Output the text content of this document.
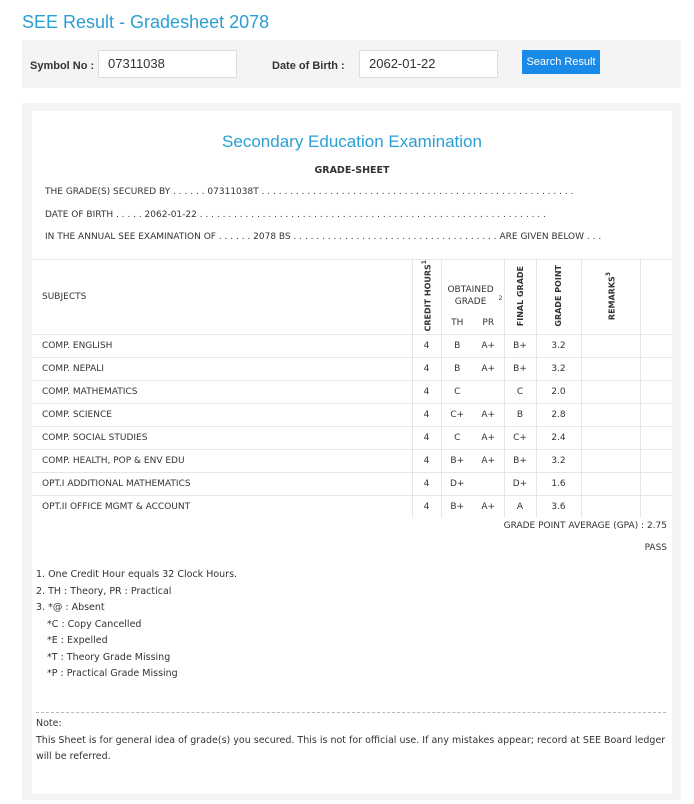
SEE Result - Gradesheet 2078
Symbol No :	07311038	Date of Birth :	2062-01-22	Search Result
Secondary Education Examination
GRADE-SHEET
THE GRADE(S) SECURED BY . . . . . . 07311038T . . . . . . . . . . . . . . . . . . . . . . . . . . . . . . . . . . . . . . . . . . . . . . . . . . . . . . .
DATE OF BIRTH . . . . . 2062-01-22 . . . . . . . . . . . . . . . . . . . . . . . . . . . . . . . . . . . . . . . . . . . . . . . . . . . . . . . . . . . . .
IN THE ANNUAL SEE EXAMINATION OF . . . . . . 2078 BS . . . . . . . . . . . . . . . . . . . . . . . . . . . . . . . . . . . . ARE GIVEN BELOW . . .
SUBJECTS	CREDIT HOURS$^1$	OBTAINED GRADE $^2$		FINAL GRADE	GRADE POINT	REMARKS$^3$	
		TH	PR				
COMP. ENGLISH	4	B	A+	B+	3.2		
COMP. NEPALI	4	B	A+	B+	3.2		
COMP. MATHEMATICS	4	C		C	2.0		
COMP. SCIENCE	4	C+	A+	B	2.8		
COMP. SOCIAL STUDIES	4	C	A+	C+	2.4		
COMP. HEALTH, POP & ENV EDU	4	B+	A+	B+	3.2		
OPT.I ADDITIONAL MATHEMATICS	4	D+		D+	1.6		
OPT.II OFFICE MGMT & ACCOUNT	4	B+	A+	A	3.6		
GRADE POINT AVERAGE (GPA) : 2.75
PASS
1. One Credit Hour equals 32 Clock Hours.
2. TH : Theory, PR : Practical
3. *@ : Absent
*C : Copy Cancelled
*E : Expelled
*T : Theory Grade Missing
*P : Practical Grade Missing
Note:
This Sheet is for general idea of grade(s) you secured. This is not for official use. If any mistakes appear; record at SEE Board ledger will be referred.
